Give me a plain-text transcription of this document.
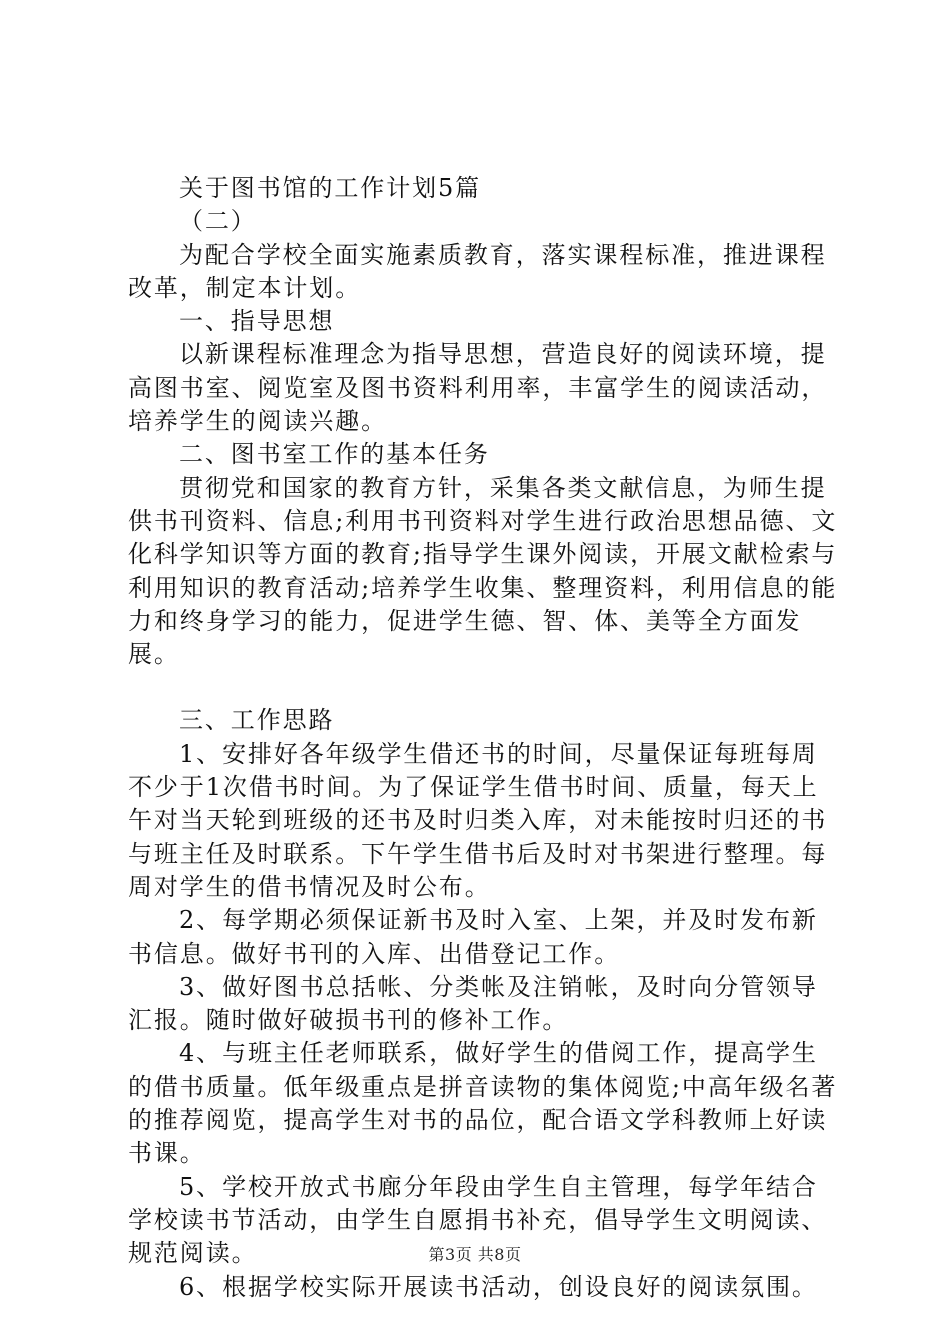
关于图书馆的工作计划5篇

（二）

为配合学校全面实施素质教育，落实课程标准，推进课程改革，制定本计划。

一、指导思想

以新课程标准理念为指导思想，营造良好的阅读环境，提高图书室、阅览室及图书资料利用率，丰富学生的阅读活动，培养学生的阅读兴趣。

二、图书室工作的基本任务

贯彻党和国家的教育方针，采集各类文献信息，为师生提供书刊资料、信息;利用书刊资料对学生进行政治思想品德、文化科学知识等方面的教育;指导学生课外阅读，开展文献检索与利用知识的教育活动;培养学生收集、整理资料，利用信息的能力和终身学习的能力，促进学生德、智、体、美等全方面发展。

三、工作思路

1、安排好各年级学生借还书的时间，尽量保证每班每周不少于1次借书时间。为了保证学生借书时间、质量，每天上午对当天轮到班级的还书及时归类入库，对未能按时归还的书与班主任及时联系。下午学生借书后及时对书架进行整理。每周对学生的借书情况及时公布。

2、每学期必须保证新书及时入室、上架，并及时发布新书信息。做好书刊的入库、出借登记工作。

3、做好图书总括帐、分类帐及注销帐，及时向分管领导汇报。随时做好破损书刊的修补工作。

4、与班主任老师联系，做好学生的借阅工作，提高学生的借书质量。低年级重点是拼音读物的集体阅览;中高年级名著的推荐阅览，提高学生对书的品位，配合语文学科教师上好读书课。

5、学校开放式书廊分年段由学生自主管理，每学年结合学校读书节活动，由学生自愿捐书补充，倡导学生文明阅读、规范阅读。

6、根据学校实际开展读书活动，创设良好的阅读氛围。

第3页 共8页
